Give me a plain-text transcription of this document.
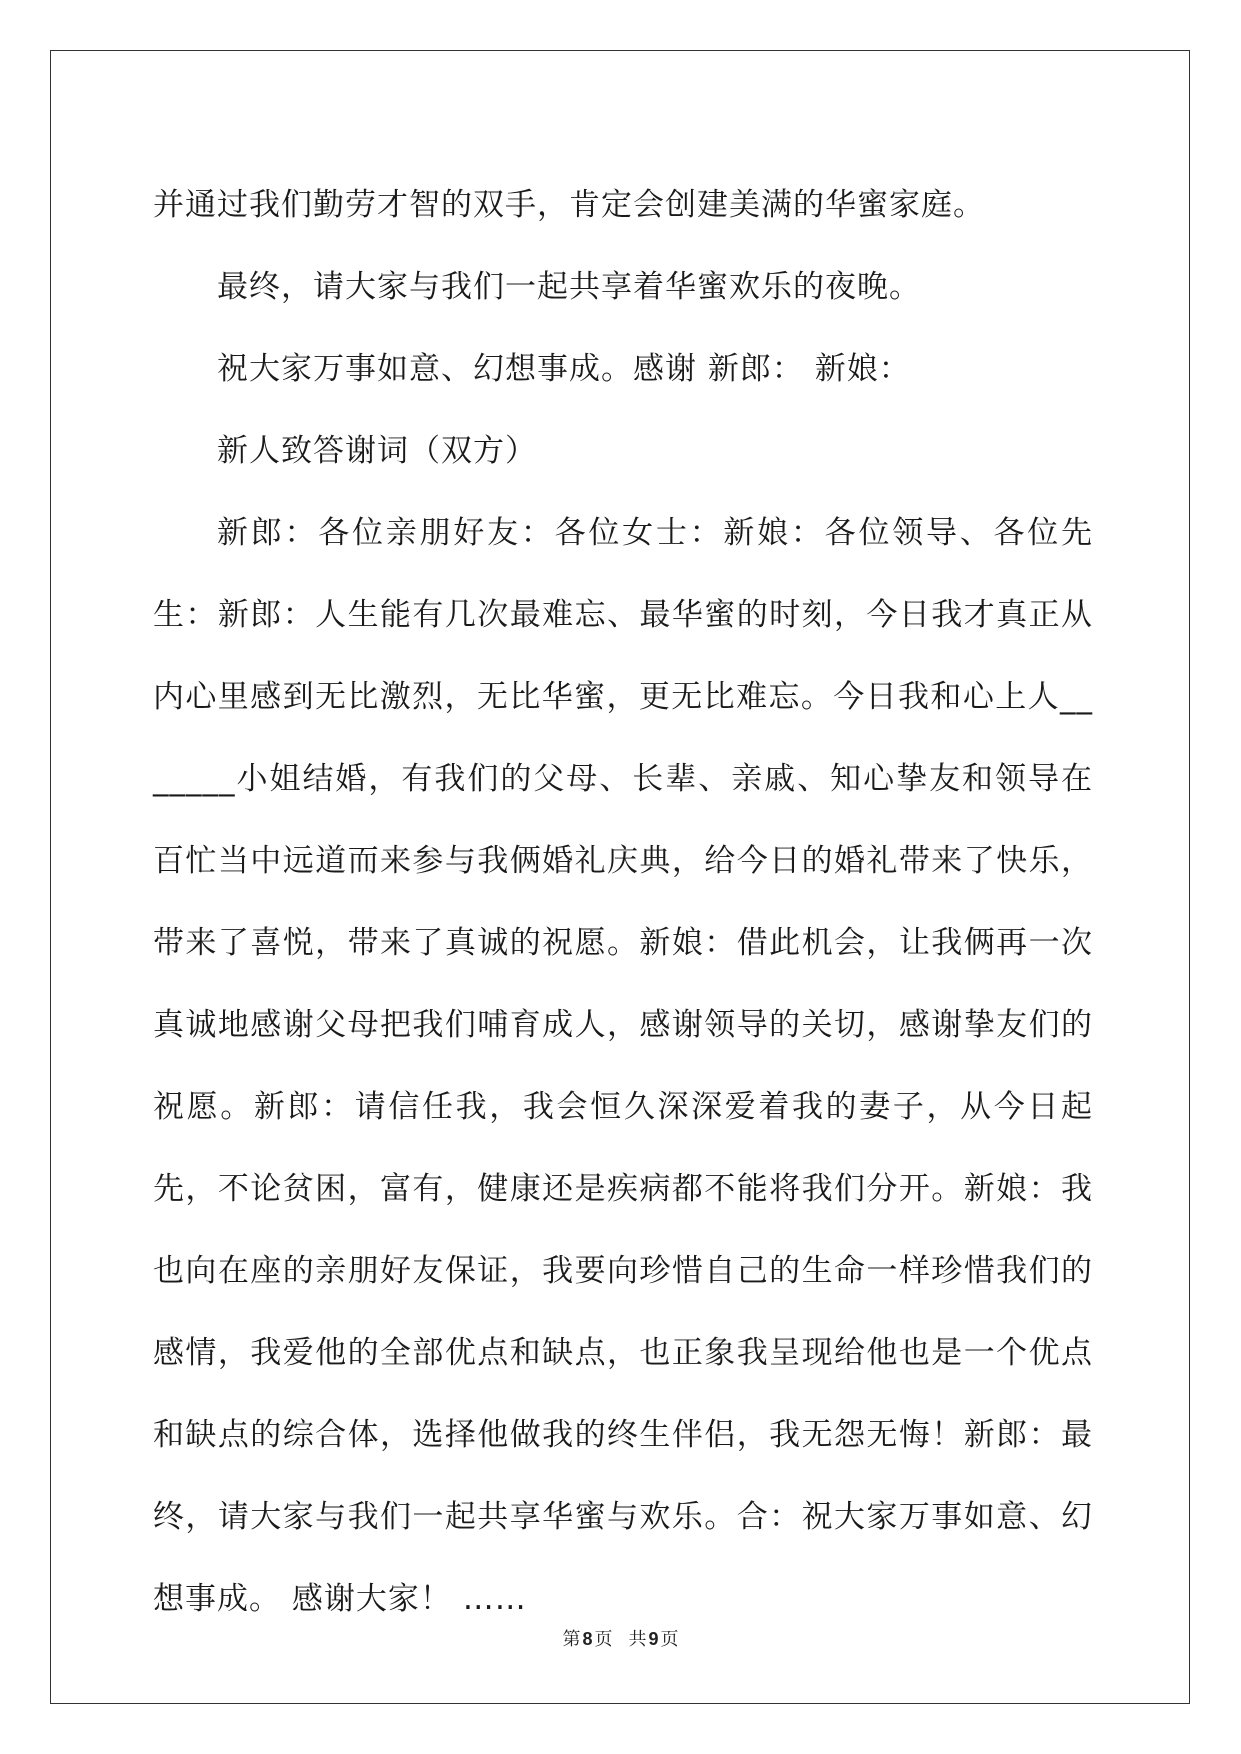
并通过我们勤劳才智的双手，肯定会创建美满的华蜜家庭。

最终，请大家与我们一起共享着华蜜欢乐的夜晚。

祝大家万事如意、幻想事成。感谢 新郎： 新娘：

新人致答谢词（双方）

新郎：各位亲朋好友：各位女士：新娘：各位领导、各位先生：新郎：人生能有几次最难忘、最华蜜的时刻，今日我才真正从内心里感到无比激烈，无比华蜜，更无比难忘。今日我和心上人_______小姐结婚，有我们的父母、长辈、亲戚、知心挚友和领导在百忙当中远道而来参与我俩婚礼庆典，给今日的婚礼带来了快乐，带来了喜悦，带来了真诚的祝愿。新娘：借此机会，让我俩再一次真诚地感谢父母把我们哺育成人，感谢领导的关切，感谢挚友们的祝愿。新郎：请信任我，我会恒久深深爱着我的妻子，从今日起先，不论贫困，富有，健康还是疾病都不能将我们分开。新娘：我也向在座的亲朋好友保证，我要向珍惜自己的生命一样珍惜我们的感情，我爱他的全部优点和缺点，也正象我呈现给他也是一个优点和缺点的综合体，选择他做我的终生伴侣，我无怨无悔！新郎：最终，请大家与我们一起共享华蜜与欢乐。合：祝大家万事如意、幻想事成。 感谢大家！ ……

第 8 页 共 9 页
